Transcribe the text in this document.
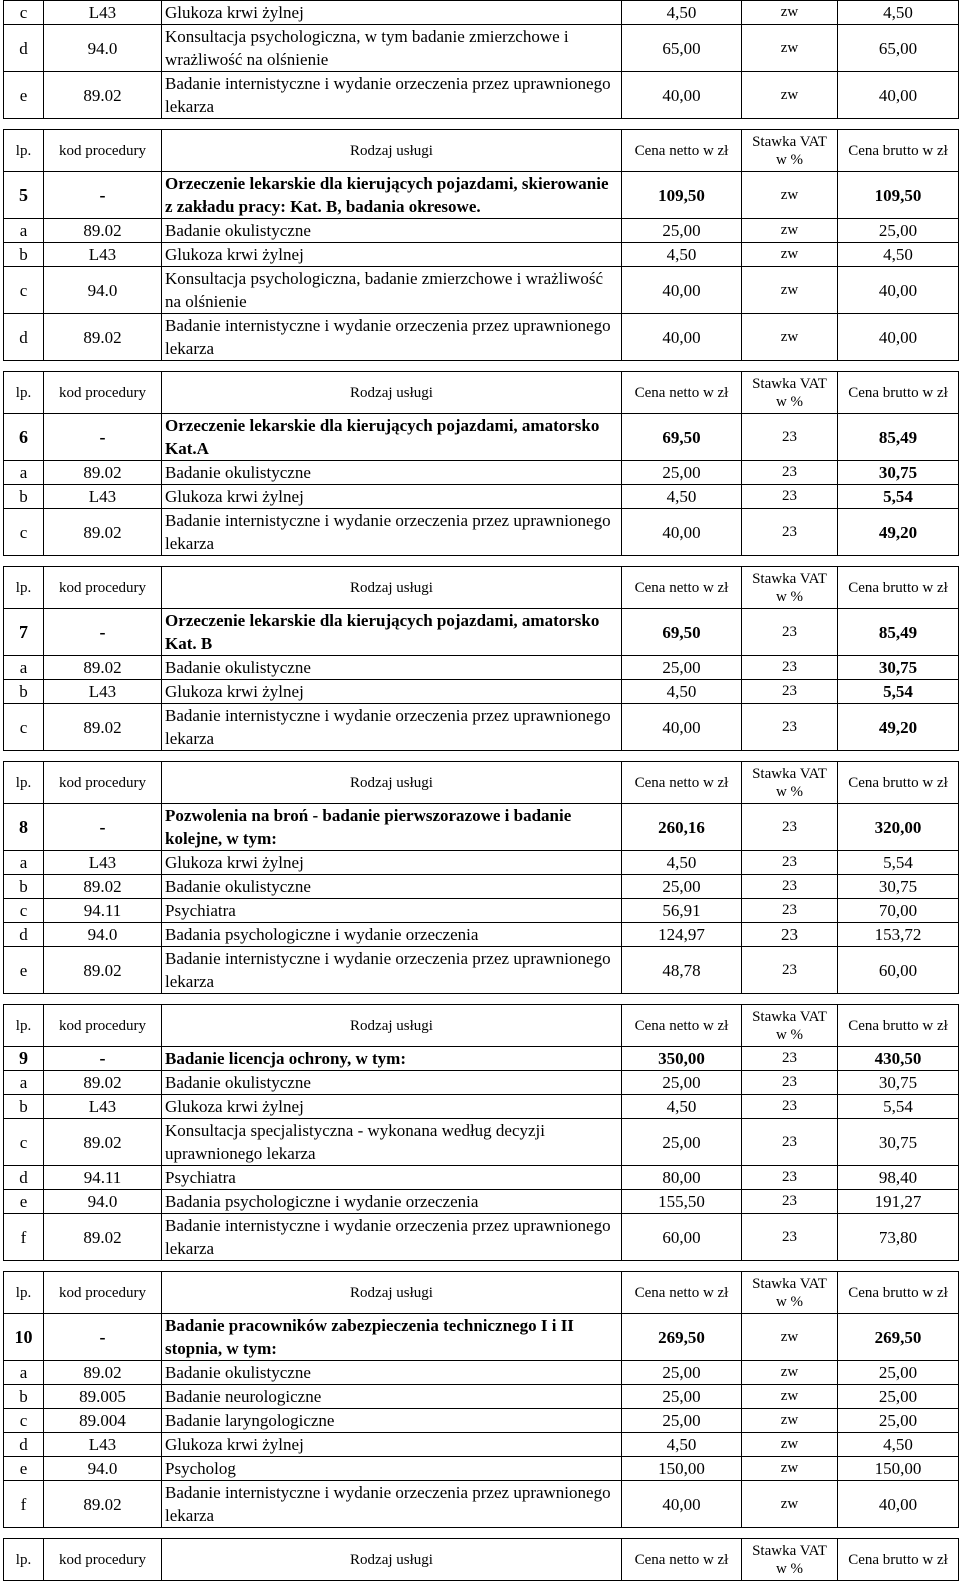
c	L43	Glukoza krwi żylnej	4,50	zw	4,50
d	94.0	Konsultacja psychologiczna, w tym badanie zmierzchowe i wrażliwość na olśnienie	65,00	zw	65,00
e	89.02	Badanie internistyczne i wydanie orzeczenia przez uprawnionego lekarza	40,00	zw	40,00

lp.	kod procedury	Rodzaj usługi	Cena netto w zł	Stawka VAT w %	Cena brutto w zł
5	-	Orzeczenie lekarskie dla kierujących pojazdami, skierowanie z zakładu pracy: Kat. B, badania okresowe.	109,50	zw	109,50
a	89.02	Badanie okulistyczne	25,00	zw	25,00
b	L43	Glukoza krwi żylnej	4,50	zw	4,50
c	94.0	Konsultacja psychologiczna, badanie zmierzchowe i wrażliwość na olśnienie	40,00	zw	40,00
d	89.02	Badanie internistyczne i wydanie orzeczenia przez uprawnionego lekarza	40,00	zw	40,00

lp.	kod procedury	Rodzaj usługi	Cena netto w zł	Stawka VAT w %	Cena brutto w zł
6	-	Orzeczenie lekarskie dla kierujących pojazdami, amatorsko Kat.A	69,50	23	85,49
a	89.02	Badanie okulistyczne	25,00	23	30,75
b	L43	Glukoza krwi żylnej	4,50	23	5,54
c	89.02	Badanie internistyczne i wydanie orzeczenia przez uprawnionego lekarza	40,00	23	49,20

lp.	kod procedury	Rodzaj usługi	Cena netto w zł	Stawka VAT w %	Cena brutto w zł
7	-	Orzeczenie lekarskie dla kierujących pojazdami, amatorsko Kat. B	69,50	23	85,49
a	89.02	Badanie okulistyczne	25,00	23	30,75
b	L43	Glukoza krwi żylnej	4,50	23	5,54
c	89.02	Badanie internistyczne i wydanie orzeczenia przez uprawnionego lekarza	40,00	23	49,20

lp.	kod procedury	Rodzaj usługi	Cena netto w zł	Stawka VAT w %	Cena brutto w zł
8	-	Pozwolenia na broń - badanie pierwszorazowe i badanie kolejne, w tym:	260,16	23	320,00
a	L43	Glukoza krwi żylnej	4,50	23	5,54
b	89.02	Badanie okulistyczne	25,00	23	30,75
c	94.11	Psychiatra	56,91	23	70,00
d	94.0	Badania psychologiczne i wydanie orzeczenia	124,97	23	153,72
e	89.02	Badanie internistyczne i wydanie orzeczenia przez uprawnionego lekarza	48,78	23	60,00

lp.	kod procedury	Rodzaj usługi	Cena netto w zł	Stawka VAT w %	Cena brutto w zł
9	-	Badanie licencja ochrony, w tym:	350,00	23	430,50
a	89.02	Badanie okulistyczne	25,00	23	30,75
b	L43	Glukoza krwi żylnej	4,50	23	5,54
c	89.02	Konsultacja specjalistyczna - wykonana według decyzji uprawnionego lekarza	25,00	23	30,75
d	94.11	Psychiatra	80,00	23	98,40
e	94.0	Badania psychologiczne i wydanie orzeczenia	155,50	23	191,27
f	89.02	Badanie internistyczne i wydanie orzeczenia przez uprawnionego lekarza	60,00	23	73,80

lp.	kod procedury	Rodzaj usługi	Cena netto w zł	Stawka VAT w %	Cena brutto w zł
10	-	Badanie pracowników zabezpieczenia technicznego I i II stopnia, w tym:	269,50	zw	269,50
a	89.02	Badanie okulistyczne	25,00	zw	25,00
b	89.005	Badanie neurologiczne	25,00	zw	25,00
c	89.004	Badanie laryngologiczne	25,00	zw	25,00
d	L43	Glukoza krwi żylnej	4,50	zw	4,50
e	94.0	Psycholog	150,00	zw	150,00
f	89.02	Badanie internistyczne i wydanie orzeczenia przez uprawnionego lekarza	40,00	zw	40,00

lp.	kod procedury	Rodzaj usługi	Cena netto w zł	Stawka VAT w %	Cena brutto w zł
